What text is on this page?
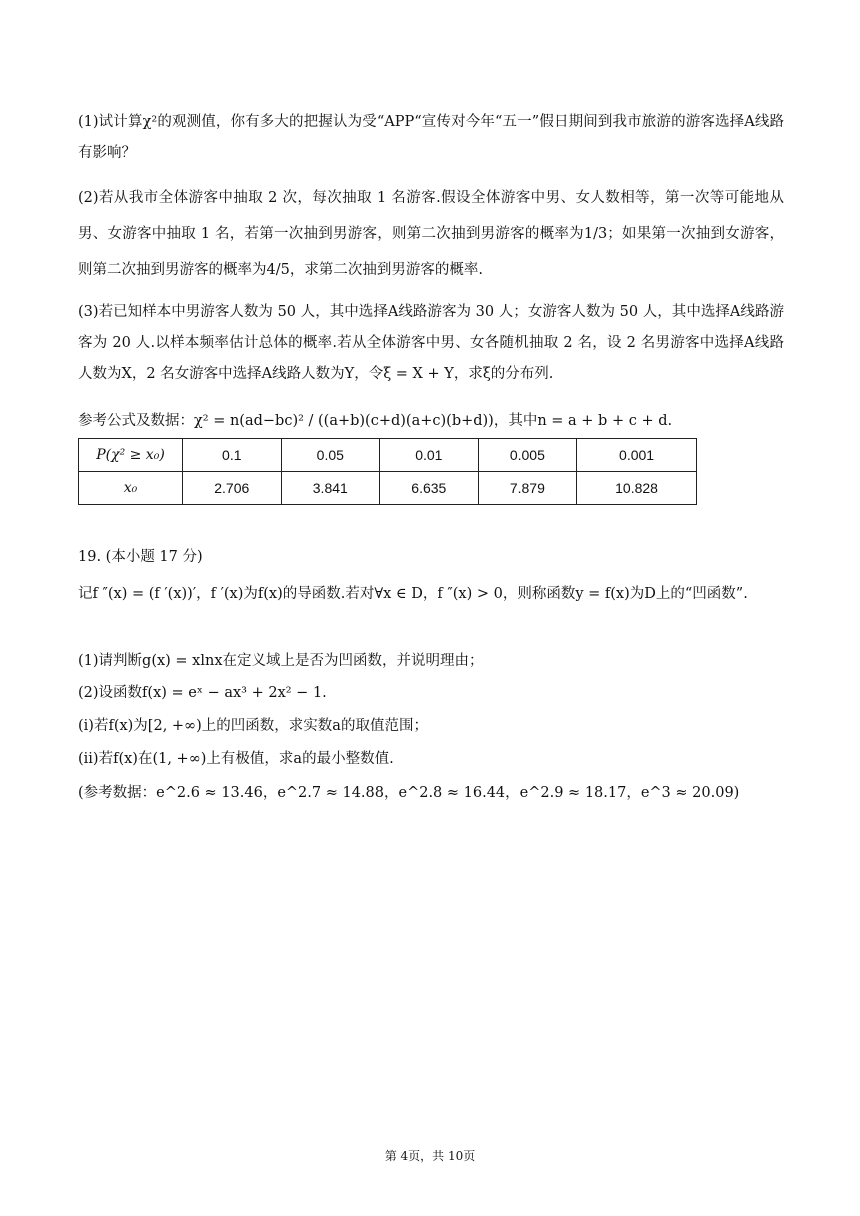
(1)试计算χ²的观测值，你有多大的把握认为受“APP“宣传对今年“五一”假日期间到我市旅游的游客选择A线路有影响？
(2)若从我市全体游客中抽取 2 次，每次抽取 1 名游客.假设全体游客中男、女人数相等，第一次等可能地从男、女游客中抽取 1 名，若第一次抽到男游客，则第二次抽到男游客的概率为1/3；如果第一次抽到女游客，则第二次抽到男游客的概率为4/5，求第二次抽到男游客的概率.
(3)若已知样本中男游客人数为 50 人，其中选择A线路游客为 30 人；女游客人数为 50 人，其中选择A线路游客为 20 人.以样本频率估计总体的概率.若从全体游客中男、女各随机抽取 2 名，设 2 名男游客中选择A线路人数为X，2 名女游客中选择A线路人数为Y，令ξ = X + Y，求ξ的分布列.
参考公式及数据：χ² = n(ad−bc)² / ((a+b)(c+d)(a+c)(b+d))，其中n = a + b + c + d.
P(χ² ≥ x₀)	0.1	0.05	0.01	0.005	0.001
x₀	2.706	3.841	6.635	7.879	10.828
19. (本小题 17 分)
记f ″(x) = (f ′(x))′，f ′(x)为f(x)的导函数.若对∀x ∈ D，f ″(x) > 0，则称函数y = f(x)为D上的“凹函数”.
(1)请判断g(x) = xlnx在定义域上是否为凹函数，并说明理由；
(2)设函数f(x) = eˣ − ax³ + 2x² − 1.
(i)若f(x)为[2, +∞)上的凹函数，求实数a的取值范围；
(ii)若f(x)在(1, +∞)上有极值，求a的最小整数值.
(参考数据：e^2.6 ≈ 13.46，e^2.7 ≈ 14.88，e^2.8 ≈ 16.44，e^2.9 ≈ 18.17，e^3 ≈ 20.09)
第 4页，共 10页
